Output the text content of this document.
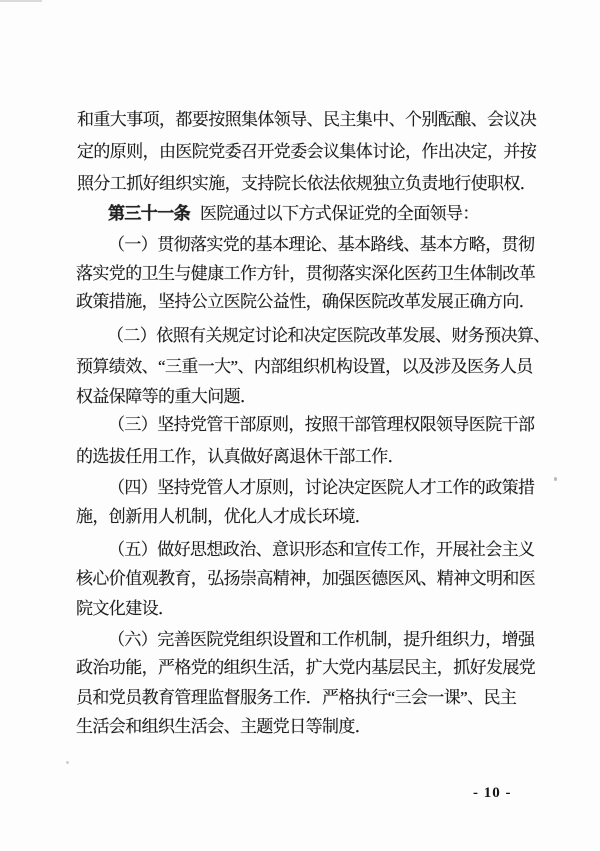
和重大事项，都要按照集体领导、民主集中、个别酝酿、会议决
定的原则，由医院党委召开党委会议集体讨论，作出决定，并按
照分工抓好组织实施，支持院长依法依规独立负责地行使职权．
第三十一条 医院通过以下方式保证党的全面领导：
（一）贯彻落实党的基本理论、基本路线、基本方略，贯彻
落实党的卫生与健康工作方针，贯彻落实深化医药卫生体制改革
政策措施，坚持公立医院公益性，确保医院改革发展正确方向．
（二）依照有关规定讨论和决定医院改革发展、财务预决算、
预算绩效、“三重一大”、内部组织机构设置，以及涉及医务人员
权益保障等的重大问题．
（三）坚持党管干部原则，按照干部管理权限领导医院干部
的选拔任用工作，认真做好离退休干部工作．
（四）坚持党管人才原则，讨论决定医院人才工作的政策措
施，创新用人机制，优化人才成长环境．
（五）做好思想政治、意识形态和宣传工作，开展社会主义
核心价值观教育，弘扬崇高精神，加强医德医风、精神文明和医
院文化建设．
（六）完善医院党组织设置和工作机制，提升组织力，增强
政治功能，严格党的组织生活，扩大党内基层民主，抓好发展党
员和党员教育管理监督服务工作．严格执行“三会一课”、民主
生活会和组织生活会、主题党日等制度．
- 10 -
